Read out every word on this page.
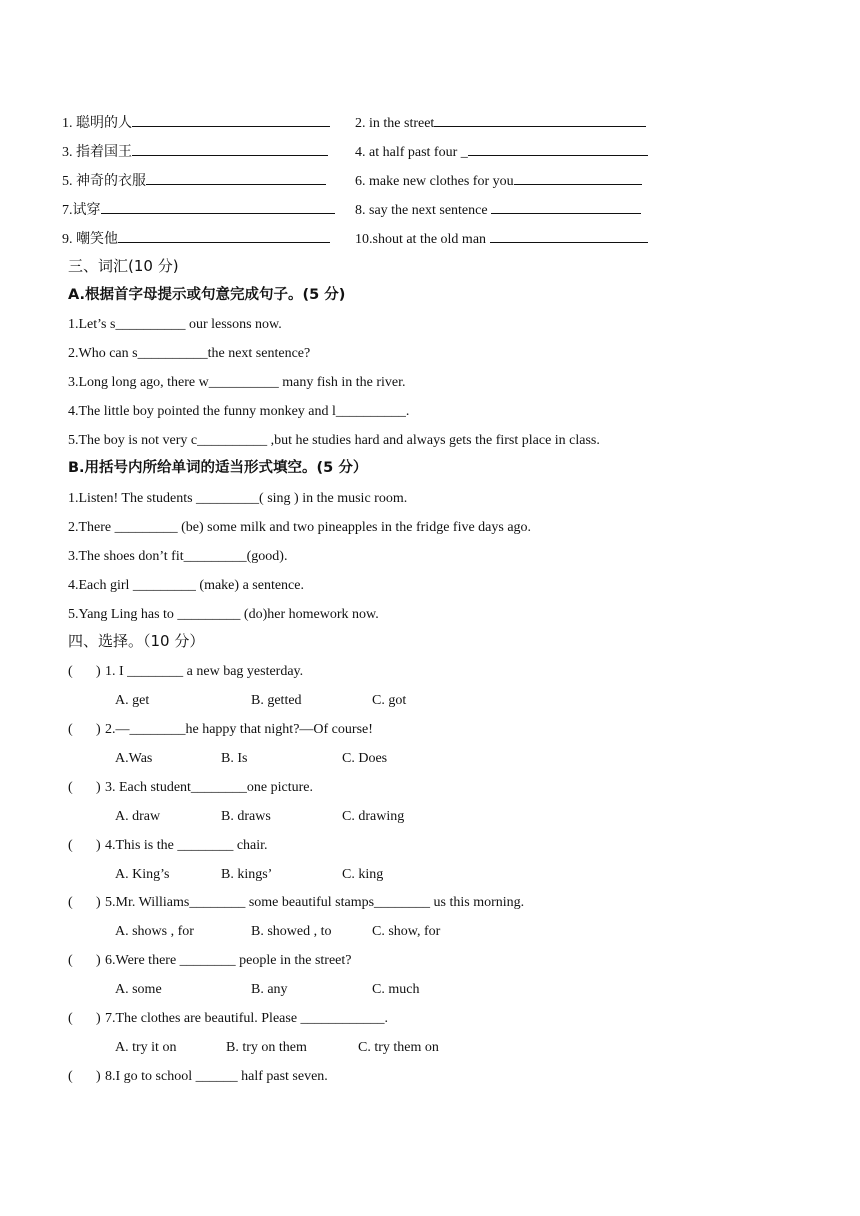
1. 聪明的人	2. in the street
3. 指着国王	4. at half past four _
5. 神奇的衣服	6. make new clothes for you
7.试穿	8. say the next sentence
9. 嘲笑他	10.shout at the old man
三、词汇(10 分)
A.根据首字母提示或句意完成句子。(5 分)
1.Let’s s__________ our lessons now.
2.Who can s__________the next sentence?
3.Long long ago, there w__________ many fish in the river.
4.The little boy pointed the funny monkey and l__________.
5.The boy is not very c__________ ,but he studies hard and always gets the first place in class.
B.用括号内所给单词的适当形式填空。(5 分）
1.Listen! The students _________( sing ) in the music room.
2.There _________ (be) some milk and two pineapples in the fridge five days ago.
3.The shoes don’t fit_________(good).
4.Each girl _________ (make) a sentence.
5.Yang Ling has to _________ (do)her homework now.
四、选择。（10 分）
( ) 1. I ________ a new bag yesterday.
A. get	B. getted	C. got
( ) 2.—________he happy that night?—Of course!
A.Was	B. Is	C. Does
( ) 3. Each student________one picture.
A. draw	B. draws	C. drawing
( ) 4.This is the ________ chair.
A. King’s	B. kings’	C. king
( ) 5.Mr. Williams________ some beautiful stamps________ us this morning.
A. shows , for	B. showed , to	C. show, for
( ) 6.Were there ________ people in the street?
A. some	B. any	C. much
( ) 7.The clothes are beautiful. Please ____________.
A. try it on	B. try on them	C. try them on
( ) 8.I go to school ______ half past seven.
